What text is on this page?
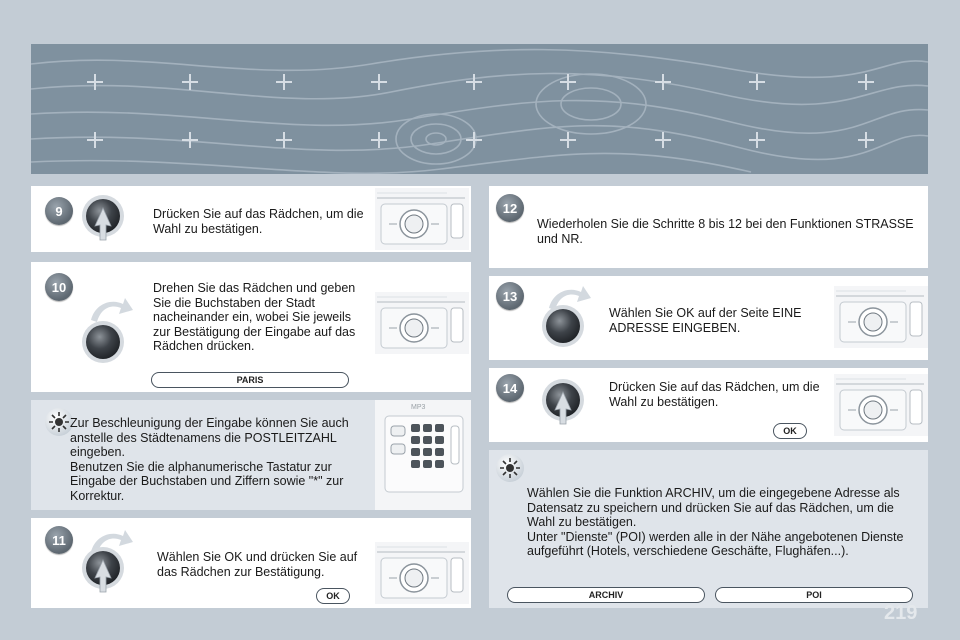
9	Drücken Sie auf das Rädchen, um die Wahl zu bestätigen.
10	Drehen Sie das Rädchen und geben Sie die Buchstaben der Stadt nacheinander ein, wobei Sie jeweils zur Bestätigung der Eingabe auf das Rädchen drücken.
PARIS
Zur Beschleunigung der Eingabe können Sie auch anstelle des Städtenamens die POSTLEITZAHL eingeben.
Benutzen Sie die alphanumerische Tastatur zur Eingabe der Buchstaben und Ziffern sowie "*" zur Korrektur.
MP3
11
Wählen Sie OK und drücken Sie auf das Rädchen zur Bestätigung.
OK
12
Wiederholen Sie die Schritte 8 bis 12 bei den Funktionen STRASSE und NR.
13
Wählen Sie OK auf der Seite EINE ADRESSE EINGEBEN.
14	Drücken Sie auf das Rädchen, um die Wahl zu bestätigen.
OK
Wählen Sie die Funktion ARCHIV, um die eingegebene Adresse als Datensatz zu speichern und drücken Sie auf das Rädchen, um die Wahl zu bestätigen.
Unter "Dienste" (POI) werden alle in der Nähe angebotenen Dienste aufgeführt (Hotels, verschiedene Geschäfte, Flughäfen...).
ARCHIV	POI
219
